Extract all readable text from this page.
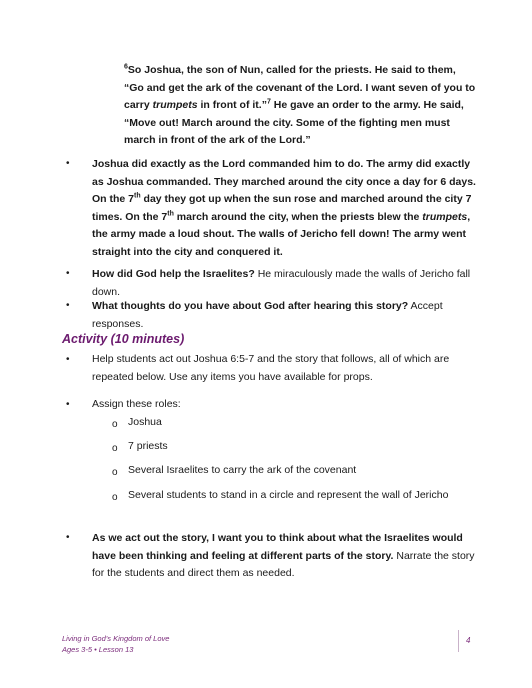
$^6$So Joshua, the son of Nun, called for the priests. He said to them, “Go and get the ark of the covenant of the Lord. I want seven of you to carry trumpets in front of it.”$^7$ He gave an order to the army. He said, “Move out! March around the city. Some of the fighting men must march in front of the ark of the Lord.”
• Joshua did exactly as the Lord commanded him to do. The army did exactly as Joshua commanded. They marched around the city once a day for 6 days. On the 7th day they got up when the sun rose and marched around the city 7 times. On the 7th march around the city, when the priests blew the trumpets, the army made a loud shout. The walls of Jericho fell down! The army went straight into the city and conquered it.
• How did God help the Israelites? He miraculously made the walls of Jericho fall down.
• What thoughts do you have about God after hearing this story? Accept responses.
Activity (10 minutes)
• Help students act out Joshua 6:5-7 and the story that follows, all of which are repeated below. Use any items you have available for props.
• Assign these roles:
o Joshua
o 7 priests
o Several Israelites to carry the ark of the covenant
o Several students to stand in a circle and represent the wall of Jericho
• As we act out the story, I want you to think about what the Israelites would have been thinking and feeling at different parts of the story. Narrate the story for the students and direct them as needed.
Living in God’s Kingdom of Love
Ages 3-5 • Lesson 13
4
